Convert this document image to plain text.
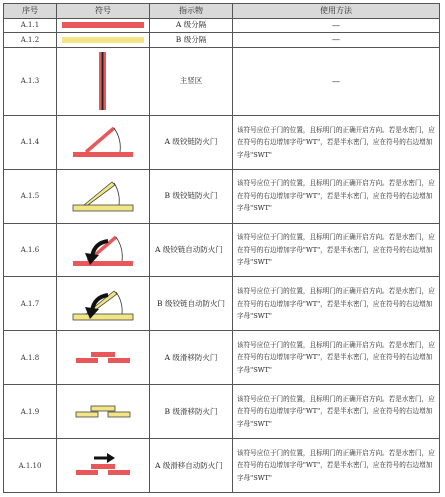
序号	符号	指示物	使用方法
A.1.1		A 级分隔	—
A.1.2		B 级分隔	—
A.1.3		主竖区	—
A.1.4		A 级铰链防火门	该符号应位于门的位置，且标明门的正确开启方向。若是水密门，应在符号的右边增加字母"WT"，若是半水密门，应在符号的右边增加字母"SWT"
A.1.5		B 级铰链防火门	该符号应位于门的位置，且标明门的正确开启方向。若是水密门，应在符号的右边增加字母"WT"，若是半水密门，应在符号的右边增加字母"SWT"
A.1.6		A 级铰链自动防火门	该符号应位于门的位置，且标明门的正确开启方向。若是水密门，应在符号的右边增加字母"WT"，若是半水密门，应在符号的右边增加字母"SWT"
A.1.7		B 级铰链自动防火门	该符号应位于门的位置，且标明门的正确开启方向。若是水密门，应在符号的右边增加字母"WT"，若是半水密门，应在符号的右边增加字母"SWT"
A.1.8		A 级滑移防火门	该符号应位于门的位置，且标明门的正确开启方向。若是水密门，应在符号的右边增加字母"WT"，若是半水密门，应在符号的右边增加字母"SWT"
A.1.9		B 级滑移防火门	该符号应位于门的位置，且标明门的正确开启方向。若是水密门，应在符号的右边增加字母"WT"，若是半水密门，应在符号的右边增加字母"SWT"
A.1.10		A 级滑移自动防火门	该符号应位于门的位置，且标明门的正确开启方向。若是水密门，应在符号的右边增加字母"WT"，若是半水密门，应在符号的右边增加字母"SWT"
